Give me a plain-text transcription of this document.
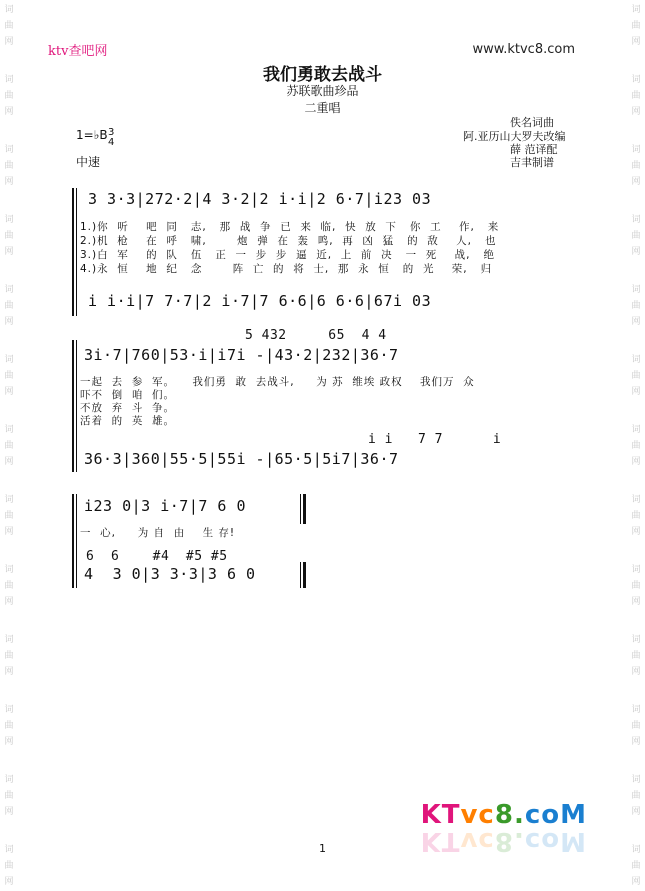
词
曲
网
词
曲
网
词
曲
网
词
曲
网
词
曲
网
词
曲
网
词
曲
网
词
曲
网
词
曲
网
词
曲
网
词
曲
网
词
曲
网
词
曲
网
词
曲
网
词
曲
网
词
曲
网
词
曲
网
词
曲
网
词
曲
网
词
曲
网
词
曲
网
词
曲
网
词
曲
网
词
曲
网
词
曲
网
词
曲
网
ktv查吧网	www.ktvc8.com
我们勇敢去战斗
苏联歌曲珍品
二重唱
1=♭B 3
4
中速
佚名词曲
阿.亚历山大罗夫改编
薛 范译配
吉聿制谱
3 3·3|272·2|4 3·2|2 i·i|2 6·7|i23 03
1.)你  听    吧  同   志,   那  战  争  已  来  临,  快  放  下   你  工    作,   来
2.)机  枪    在  呼   啸,       炮  弹  在  轰  鸣,  再  凶  猛   的  敌    人,   也
3.)白  军    的  队   伍   正  一  步  步  逼  近,  上  前  决   一  死    战,   绝
4.)永  恒    地  纪   念       阵  亡  的  将  士,  那  永  恒   的  光    荣,   归
i i·i|7 7·7|2 i·7|7 6·6|6 6·6|67i 03
5 432     65  4 4
3i·7|760|53·i|i7i -|43·2|232|36·7
一起  去  参  军。    我们勇  敢  去战斗,     为 苏  维埃 政权    我们万  众
吓不  倒  咱  们。
不放  弃  斗  争。
活着  的  英  雄。
i i   7 7      i
36·3|360|55·5|55i -|65·5|5i7|36·7
i23 0|3 i·7|7 6 0
一  心,     为 自  由    生 存!
6  6    #4  #5 #5
4  3 0|3 3·3|3 6 0
KTvc8.coM
KTvc8.coM
1
